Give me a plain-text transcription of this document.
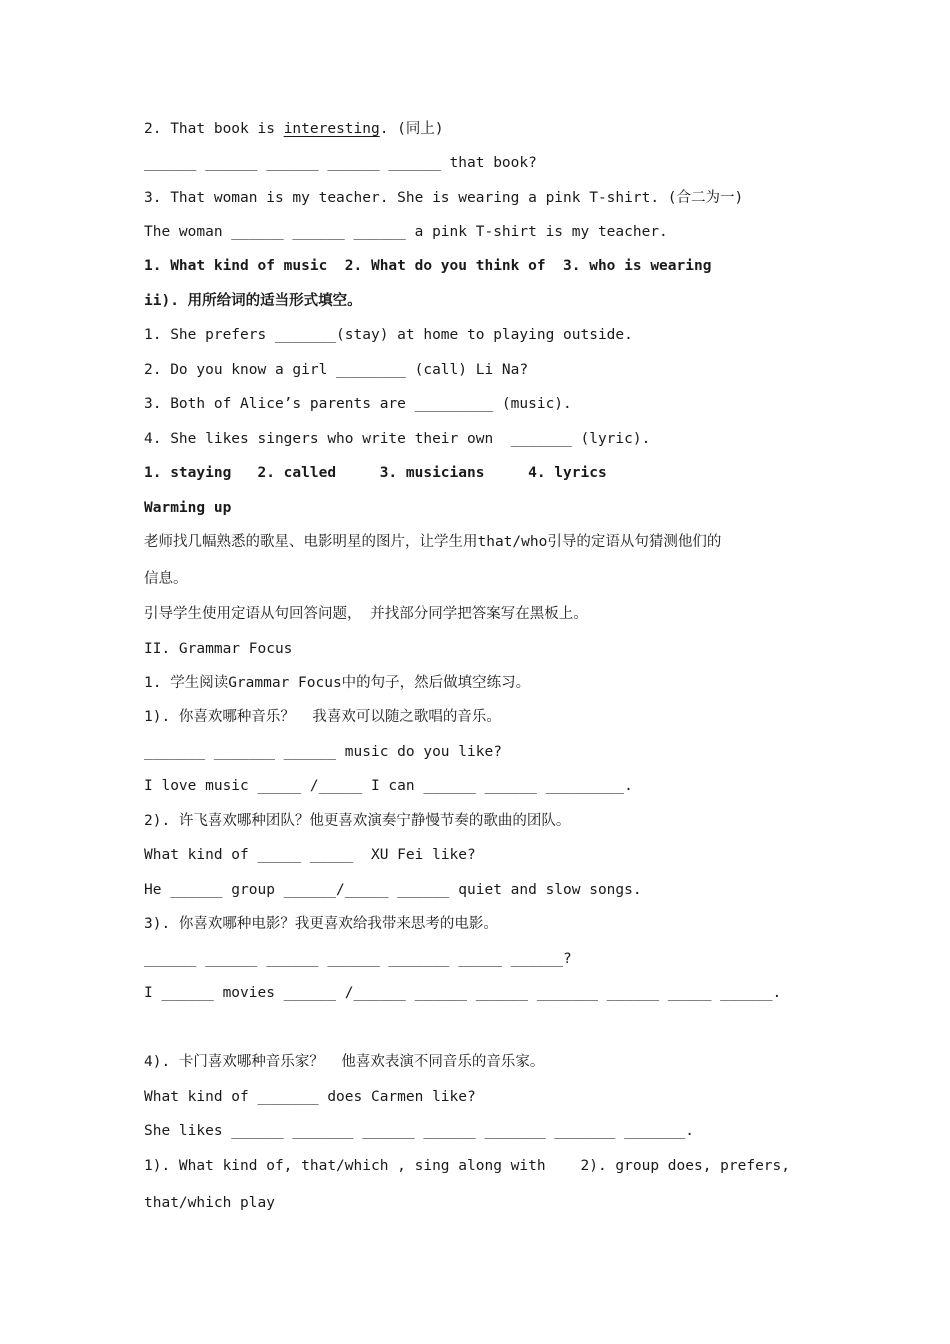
2. That book is interesting. (同上)
______ ______ ______ ______ ______ that book?
3. That woman is my teacher. She is wearing a pink T-shirt. (合二为一)
The woman ______ ______ ______ a pink T-shirt is my teacher.
1. What kind of music  2. What do you think of  3. who is wearing
ii). 用所给词的适当形式填空。
1. She prefers _______(stay) at home to playing outside.
2. Do you know a girl ________ (call) Li Na?
3. Both of Alice’s parents are _________ (music).
4. She likes singers who write their own  _______ (lyric).
1. staying   2. called     3. musicians     4. lyrics
Warming up
老师找几幅熟悉的歌星、电影明星的图片，让学生用that/who引导的定语从句猜测他们的
信息。
引导学生使用定语从句回答问题， 并找部分同学把答案写在黑板上。
II. Grammar Focus
1. 学生阅读Grammar Focus中的句子，然后做填空练习。
1). 你喜欢哪种音乐？  我喜欢可以随之歌唱的音乐。
_______ _______ ______ music do you like?
I love music _____ /_____ I can ______ ______ _________.
2). 许飞喜欢哪种团队？他更喜欢演奏宁静慢节奏的歌曲的团队。
What kind of _____ _____  XU Fei like?
He ______ group ______/_____ ______ quiet and slow songs.
3). 你喜欢哪种电影？我更喜欢给我带来思考的电影。
______ ______ ______ ______ _______ _____ ______?
I ______ movies ______ /______ ______ ______ _______ ______ _____ ______.
4). 卡门喜欢哪种音乐家？  他喜欢表演不同音乐的音乐家。
What kind of _______ does Carmen like?
She likes ______ _______ ______ ______ _______ _______ _______.
1). What kind of, that/which , sing along with    2). group does, prefers,
that/which play
